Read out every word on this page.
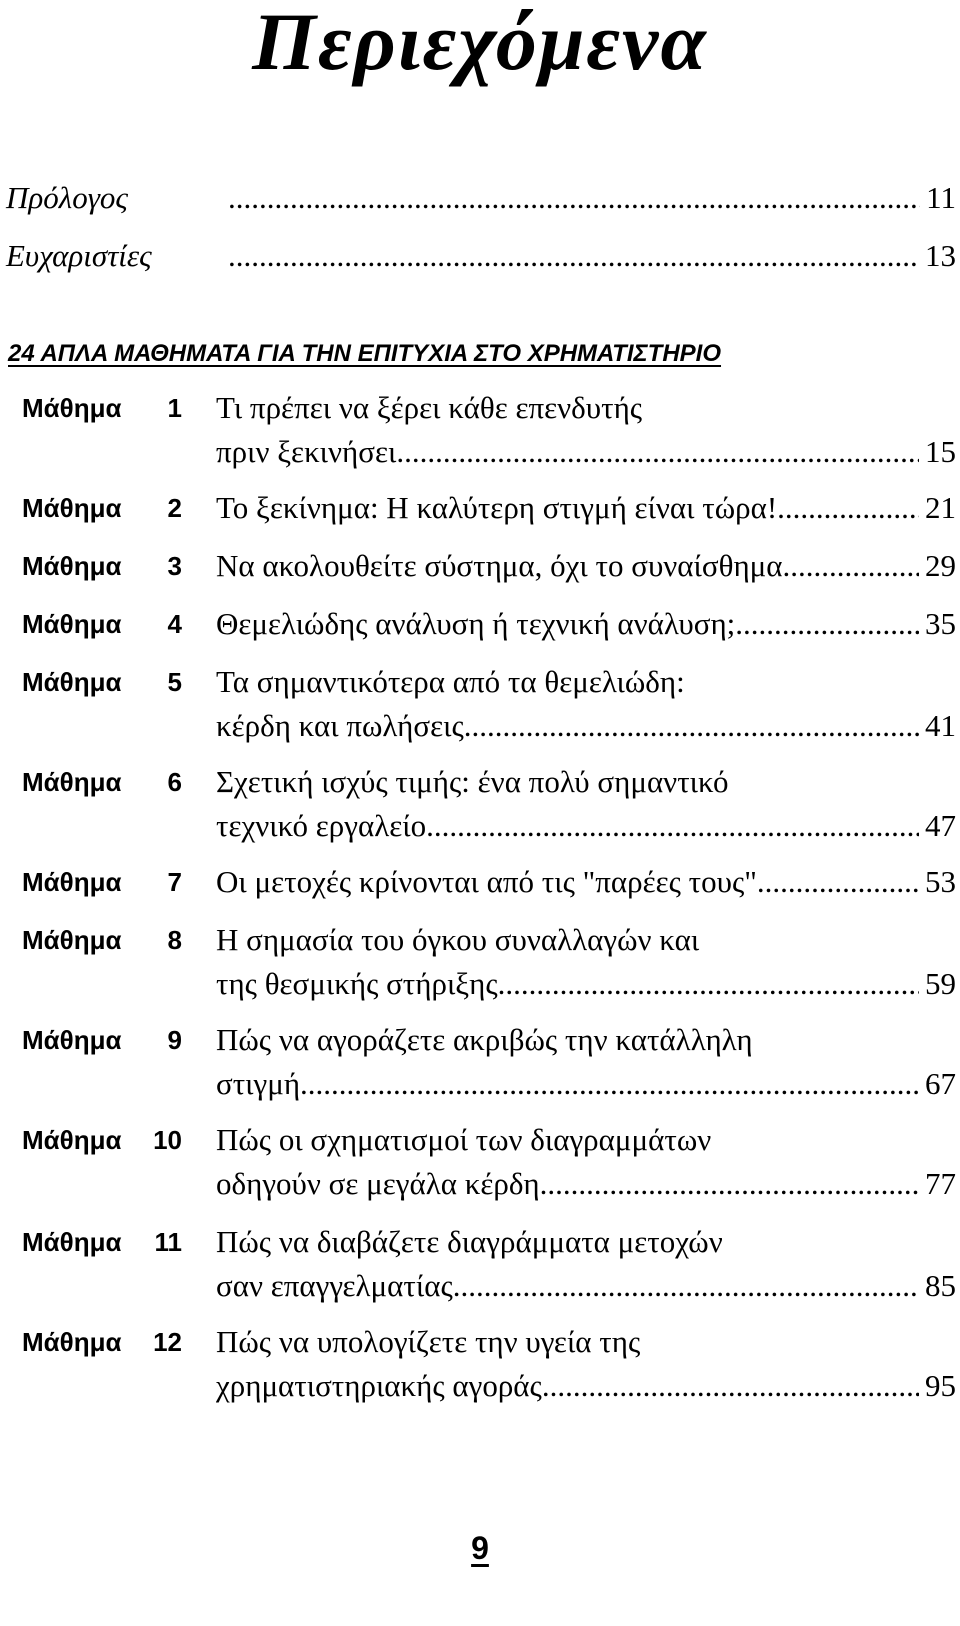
Περιεχόμενα
Πρόλογος .....	11
Ευχαριστίες .....	13
24 ΑΠΛΑ ΜΑΘΗΜΑΤΑ ΓΙΑ ΤΗΝ ΕΠΙΤΥΧΙΑ ΣΤΟ ΧΡΗΜΑΤΙΣΤΗΡΙΟ
Μάθημα 1 Τι πρέπει να ξέρει κάθε επενδυτής
πριν ξεκινήσει .....	15
Μάθημα 2 Το ξεκίνημα: Η καλύτερη στιγμή είναι τώρα! .....	21
Μάθημα 3 Να ακολουθείτε σύστημα, όχι το συναίσθημα .....	29
Μάθημα 4 Θεμελιώδης ανάλυση ή τεχνική ανάλυση; .....	35
Μάθημα 5 Τα σημαντικότερα από τα θεμελιώδη:
κέρδη και πωλήσεις .....	41
Μάθημα 6 Σχετική ισχύς τιμής: ένα πολύ σημαντικό
τεχνικό εργαλείο .....	47
Μάθημα 7 Οι μετοχές κρίνονται από τις "παρέες τους" .....	53
Μάθημα 8 Η σημασία του όγκου συναλλαγών και
της θεσμικής στήριξης .....	59
Μάθημα 9 Πώς να αγοράζετε ακριβώς την κατάλληλη
στιγμή .....	67
Μάθημα 10 Πώς οι σχηματισμοί των διαγραμμάτων
οδηγούν σε μεγάλα κέρδη .....	77
Μάθημα 11 Πώς να διαβάζετε διαγράμματα μετοχών
σαν επαγγελματίας .....	85
Μάθημα 12 Πώς να υπολογίζετε την υγεία της
χρηματιστηριακής αγοράς .....	95
9
